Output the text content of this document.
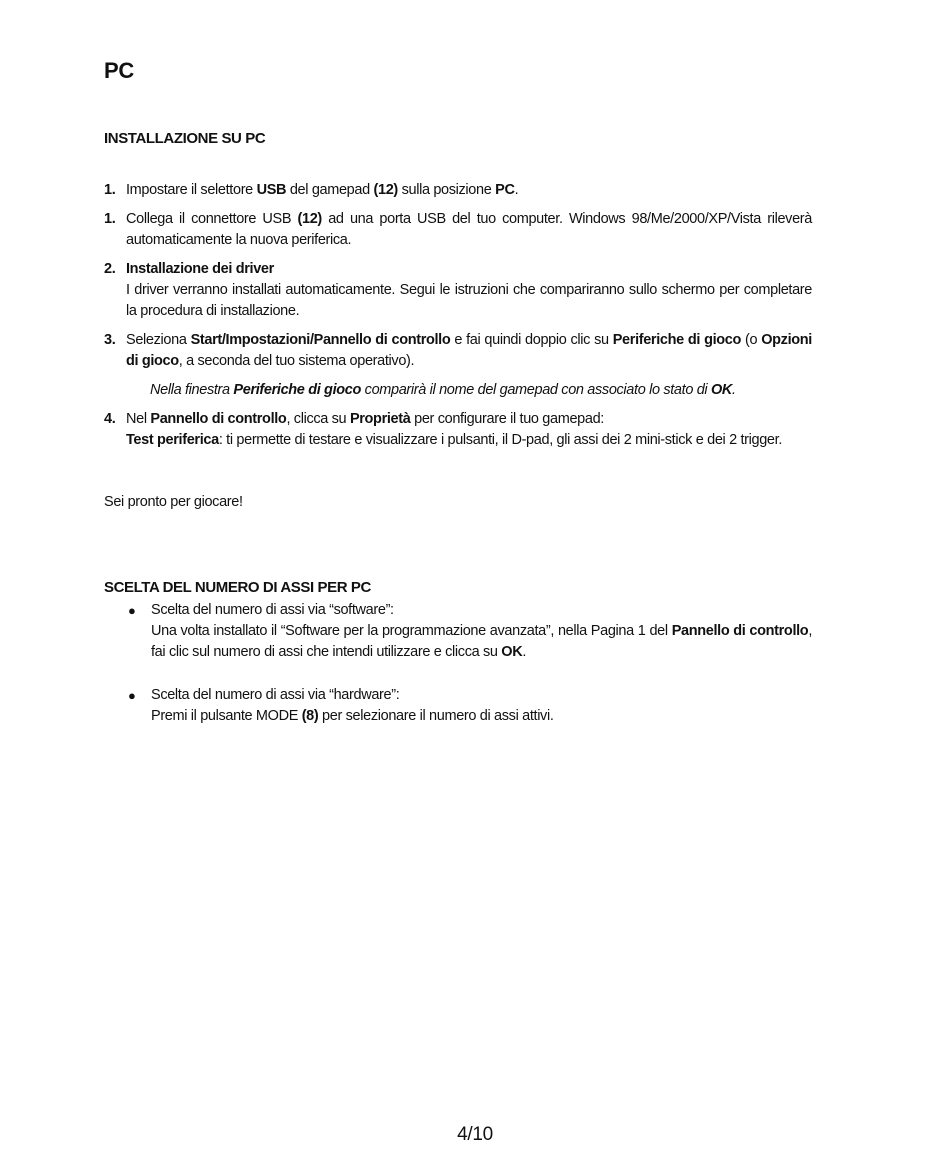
PC
INSTALLAZIONE SU PC
1. Impostare il selettore USB del gamepad (12) sulla posizione PC.
1. Collega il connettore USB (12) ad una porta USB del tuo computer. Windows 98/Me/2000/XP/Vista rileverà automaticamente la nuova periferica.
2. Installazione dei driver
I driver verranno installati automaticamente. Segui le istruzioni che compariranno sullo schermo per completare la procedura di installazione.
3. Seleziona Start/Impostazioni/Pannello di controllo e fai quindi doppio clic su Periferiche di gioco (o Opzioni di gioco, a seconda del tuo sistema operativo).
Nella finestra Periferiche di gioco comparirà il nome del gamepad con associato lo stato di OK.
4. Nel Pannello di controllo, clicca su Proprietà per configurare il tuo gamepad:
Test periferica: ti permette di testare e visualizzare i pulsanti, il D-pad, gli assi dei 2 mini-stick e dei 2 trigger.
Sei pronto per giocare!
SCELTA DEL NUMERO DI ASSI PER PC
●	Scelta del numero di assi via “software”:
Una volta installato il “Software per la programmazione avanzata”, nella Pagina 1 del Pannello di controllo, fai clic sul numero di assi che intendi utilizzare e clicca su OK.
●	Scelta del numero di assi via “hardware”:
Premi il pulsante MODE (8) per selezionare il numero di assi attivi.
4/10
